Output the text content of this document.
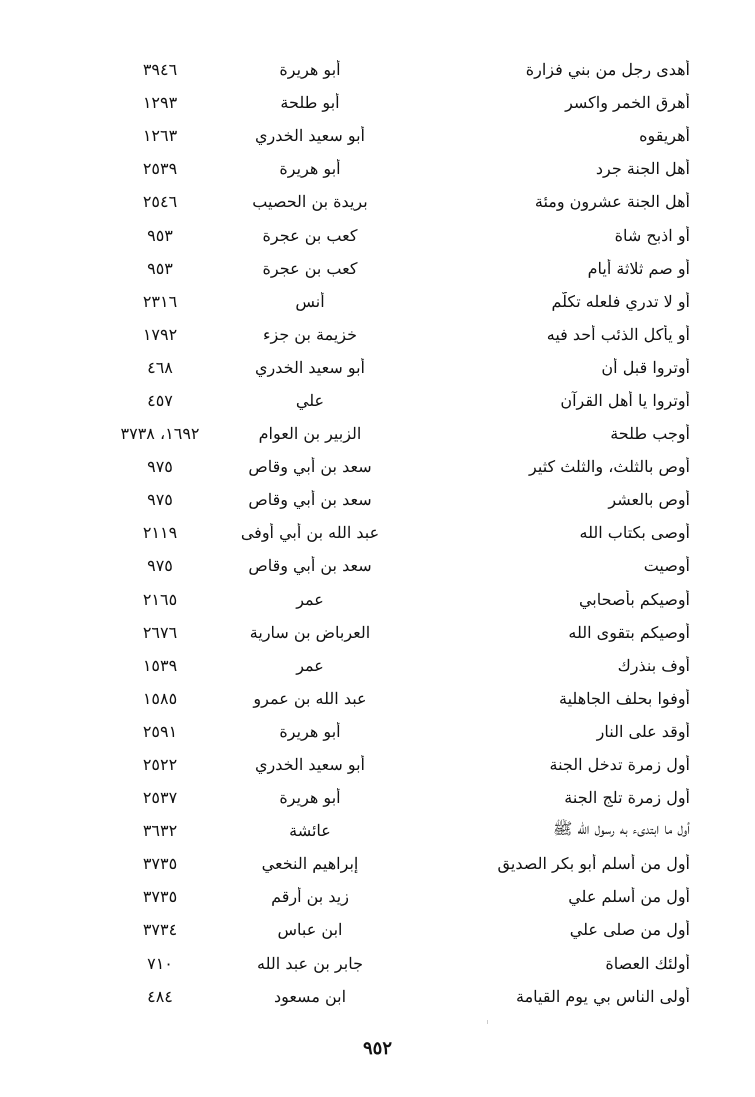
أهدى رجل من بني فزارة
أبو هريرة
٣٩٤٦
أهرق الخمر واكسر
أبو طلحة
١٢٩٣
أهريقوه
أبو سعيد الخدري
١٢٦٣
أهل الجنة جرد
أبو هريرة
٢٥٣٩
أهل الجنة عشرون ومئة
بريدة بن الحصيب
٢٥٤٦
أو اذبح شاة
كعب بن عجرة
٩٥٣
أو صم ثلاثة أيام
كعب بن عجرة
٩٥٣
أو لا تدري فلعله تكلّم
أنس
٢٣١٦
أو يأكل الذئب أحد فيه
خزيمة بن جزء
١٧٩٢
أوتروا قبل أن
أبو سعيد الخدري
٤٦٨
أوتروا يا أهل القرآن
علي
٤٥٧
أوجب طلحة
الزبير بن العوام
١٦٩٢، ٣٧٣٨
أوصِ بالثلث، والثلث كثير
سعد بن أبي وقاص
٩٧٥
أوص بالعشر
سعد بن أبي وقاص
٩٧٥
أوصى بكتاب الله
عبد الله بن أبي أوفى
٢١١٩
أوصيت
سعد بن أبي وقاص
٩٧٥
أوصيكم بأصحابي
عمر
٢١٦٥
أوصيكم بتقوى الله
العرباض بن سارية
٢٦٧٦
أوف بنذرك
عمر
١٥٣٩
أوفوا بحلف الجاهلية
عبد الله بن عمرو
١٥٨٥
أوقد على النار
أبو هريرة
٢٥٩١
أول زمرة تدخل الجنة
أبو سعيد الخدري
٢٥٢٢
أول زمرة تلج الجنة
أبو هريرة
٢٥٣٧
أول ما ابتدىء به رسول الله ﷺ
عائشة
٣٦٣٢
أول من أسلم أبو بكر الصديق
إبراهيم النخعي
٣٧٣٥
أول من أسلم علي
زيد بن أرقم
٣٧٣٥
أول من صلى علي
ابن عباس
٣٧٣٤
أولئك العصاة
جابر بن عبد الله
٧١٠
أولى الناس بي يوم القيامة
ابن مسعود
٤٨٤
٩٥٢
